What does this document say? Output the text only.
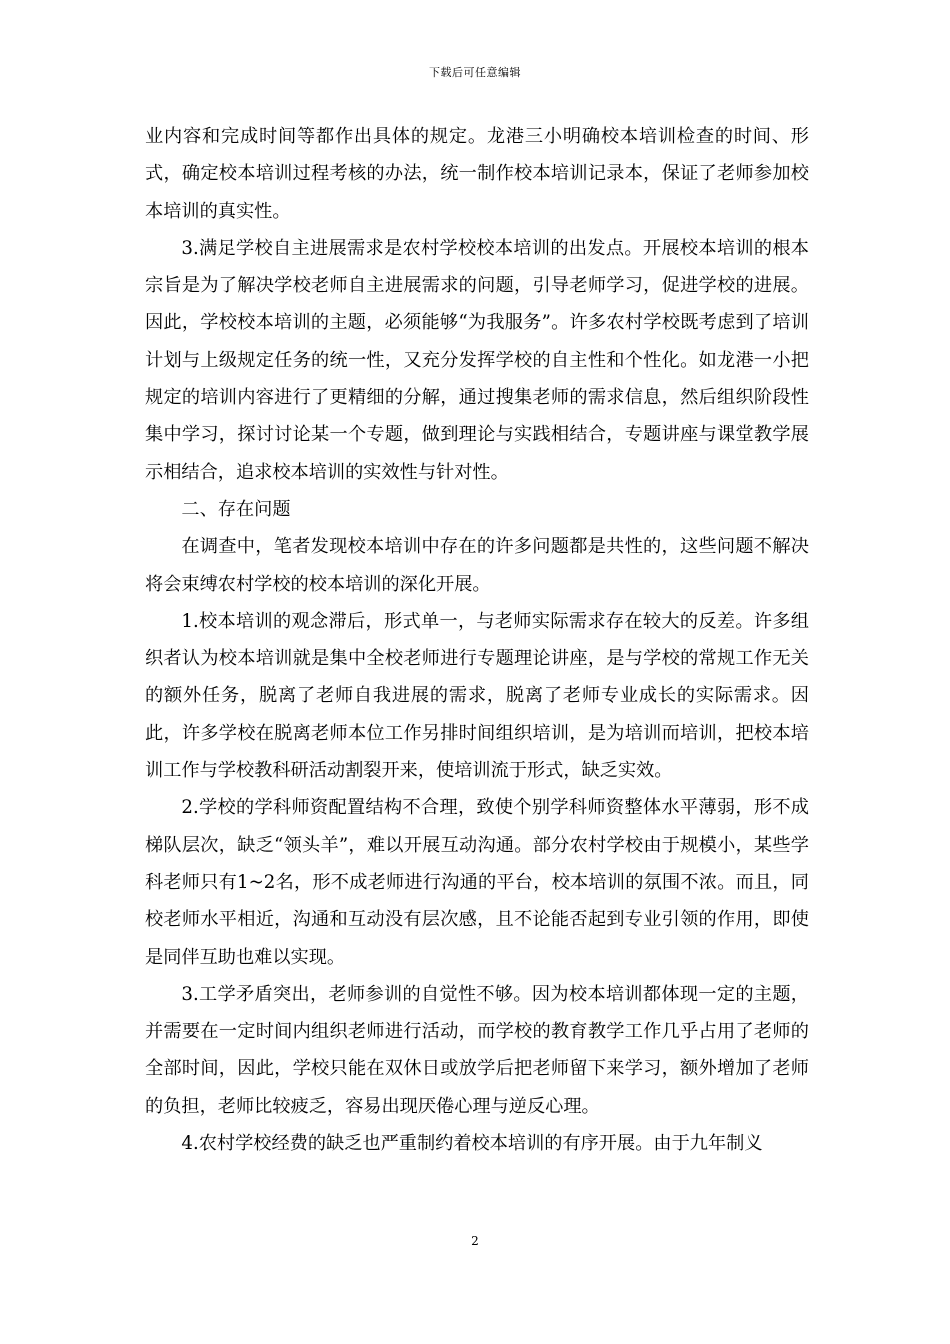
下载后可任意编辑

业内容和完成时间等都作出具体的规定。龙港三小明确校本培训检查的时间、形式，确定校本培训过程考核的办法，统一制作校本培训记录本，保证了老师参加校本培训的真实性。

3.满足学校自主进展需求是农村学校校本培训的出发点。开展校本培训的根本宗旨是为了解决学校老师自主进展需求的问题，引导老师学习，促进学校的进展。因此，学校校本培训的主题，必须能够“为我服务”。许多农村学校既考虑到了培训计划与上级规定任务的统一性，又充分发挥学校的自主性和个性化。如龙港一小把规定的培训内容进行了更精细的分解，通过搜集老师的需求信息，然后组织阶段性集中学习，探讨讨论某一个专题，做到理论与实践相结合，专题讲座与课堂教学展示相结合，追求校本培训的实效性与针对性。

二、存在问题

在调查中，笔者发现校本培训中存在的许多问题都是共性的，这些问题不解决将会束缚农村学校的校本培训的深化开展。

1.校本培训的观念滞后，形式单一，与老师实际需求存在较大的反差。许多组织者认为校本培训就是集中全校老师进行专题理论讲座，是与学校的常规工作无关的额外任务，脱离了老师自我进展的需求，脱离了老师专业成长的实际需求。因此，许多学校在脱离老师本位工作另排时间组织培训，是为培训而培训，把校本培训工作与学校教科研活动割裂开来，使培训流于形式，缺乏实效。

2.学校的学科师资配置结构不合理，致使个别学科师资整体水平薄弱，形不成梯队层次，缺乏“领头羊”，难以开展互动沟通。部分农村学校由于规模小，某些学科老师只有1~2名，形不成老师进行沟通的平台，校本培训的氛围不浓。而且，同校老师水平相近，沟通和互动没有层次感，且不论能否起到专业引领的作用，即使是同伴互助也难以实现。

3.工学矛盾突出，老师参训的自觉性不够。因为校本培训都体现一定的主题，并需要在一定时间内组织老师进行活动，而学校的教育教学工作几乎占用了老师的全部时间，因此，学校只能在双休日或放学后把老师留下来学习，额外增加了老师的负担，老师比较疲乏，容易出现厌倦心理与逆反心理。

4.农村学校经费的缺乏也严重制约着校本培训的有序开展。由于九年制义

2
